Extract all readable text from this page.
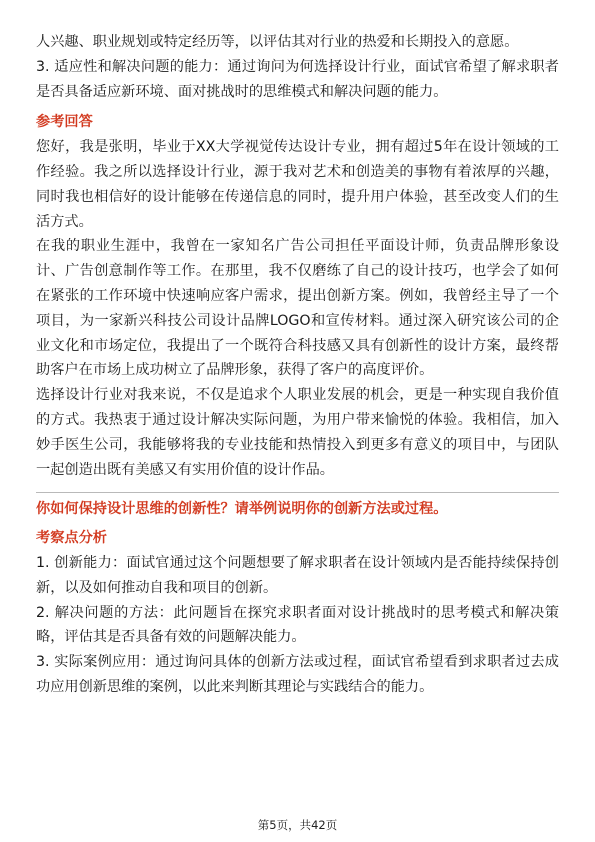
人兴趣、职业规划或特定经历等，以评估其对行业的热爱和长期投入的意愿。

3. 适应性和解决问题的能力：通过询问为何选择设计行业，面试官希望了解求职者是否具备适应新环境、面对挑战时的思维模式和解决问题的能力。

参考回答

您好，我是张明，毕业于XX大学视觉传达设计专业，拥有超过5年在设计领域的工作经验。我之所以选择设计行业，源于我对艺术和创造美的事物有着浓厚的兴趣，同时我也相信好的设计能够在传递信息的同时，提升用户体验，甚至改变人们的生活方式。

在我的职业生涯中，我曾在一家知名广告公司担任平面设计师，负责品牌形象设计、广告创意制作等工作。在那里，我不仅磨练了自己的设计技巧，也学会了如何在紧张的工作环境中快速响应客户需求，提出创新方案。例如，我曾经主导了一个项目，为一家新兴科技公司设计品牌LOGO和宣传材料。通过深入研究该公司的企业文化和市场定位，我提出了一个既符合科技感又具有创新性的设计方案，最终帮助客户在市场上成功树立了品牌形象，获得了客户的高度评价。

选择设计行业对我来说，不仅是追求个人职业发展的机会，更是一种实现自我价值的方式。我热衷于通过设计解决实际问题，为用户带来愉悦的体验。我相信，加入妙手医生公司，我能够将我的专业技能和热情投入到更多有意义的项目中，与团队一起创造出既有美感又有实用价值的设计作品。

你如何保持设计思维的创新性？请举例说明你的创新方法或过程。
考察点分析

1. 创新能力：面试官通过这个问题想要了解求职者在设计领域内是否能持续保持创新，以及如何推动自我和项目的创新。

2. 解决问题的方法：此问题旨在探究求职者面对设计挑战时的思考模式和解决策略，评估其是否具备有效的问题解决能力。

3. 实际案例应用：通过询问具体的创新方法或过程，面试官希望看到求职者过去成功应用创新思维的案例，以此来判断其理论与实践结合的能力。

第5页，共42页
